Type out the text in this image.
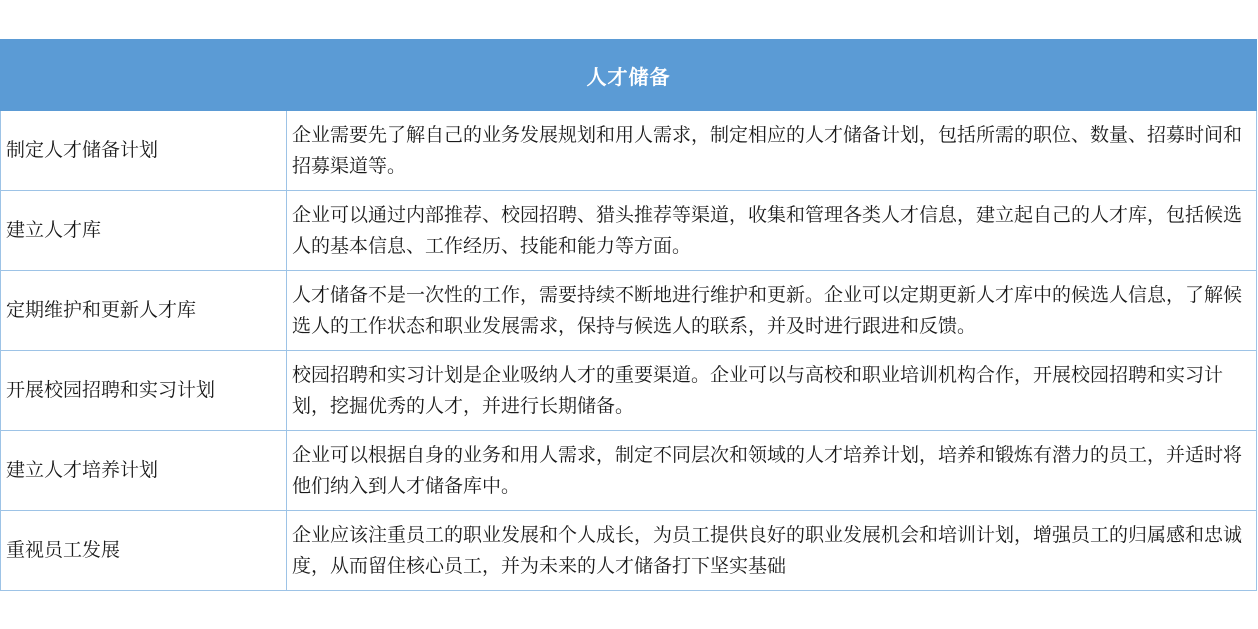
人才储备	
制定人才储备计划	企业需要先了解自己的业务发展规划和用人需求，制定相应的人才储备计划，包括所需的职位、数量、招募时间和招募渠道等。
建立人才库	企业可以通过内部推荐、校园招聘、猎头推荐等渠道，收集和管理各类人才信息，建立起自己的人才库，包括候选人的基本信息、工作经历、技能和能力等方面。
定期维护和更新人才库	人才储备不是一次性的工作，需要持续不断地进行维护和更新。企业可以定期更新人才库中的候选人信息，了解候选人的工作状态和职业发展需求，保持与候选人的联系，并及时进行跟进和反馈。
开展校园招聘和实习计划	校园招聘和实习计划是企业吸纳人才的重要渠道。企业可以与高校和职业培训机构合作，开展校园招聘和实习计划，挖掘优秀的人才，并进行长期储备。
建立人才培养计划	企业可以根据自身的业务和用人需求，制定不同层次和领域的人才培养计划，培养和锻炼有潜力的员工，并适时将他们纳入到人才储备库中。
重视员工发展	企业应该注重员工的职业发展和个人成长，为员工提供良好的职业发展机会和培训计划，增强员工的归属感和忠诚度，从而留住核心员工，并为未来的人才储备打下坚实基础
